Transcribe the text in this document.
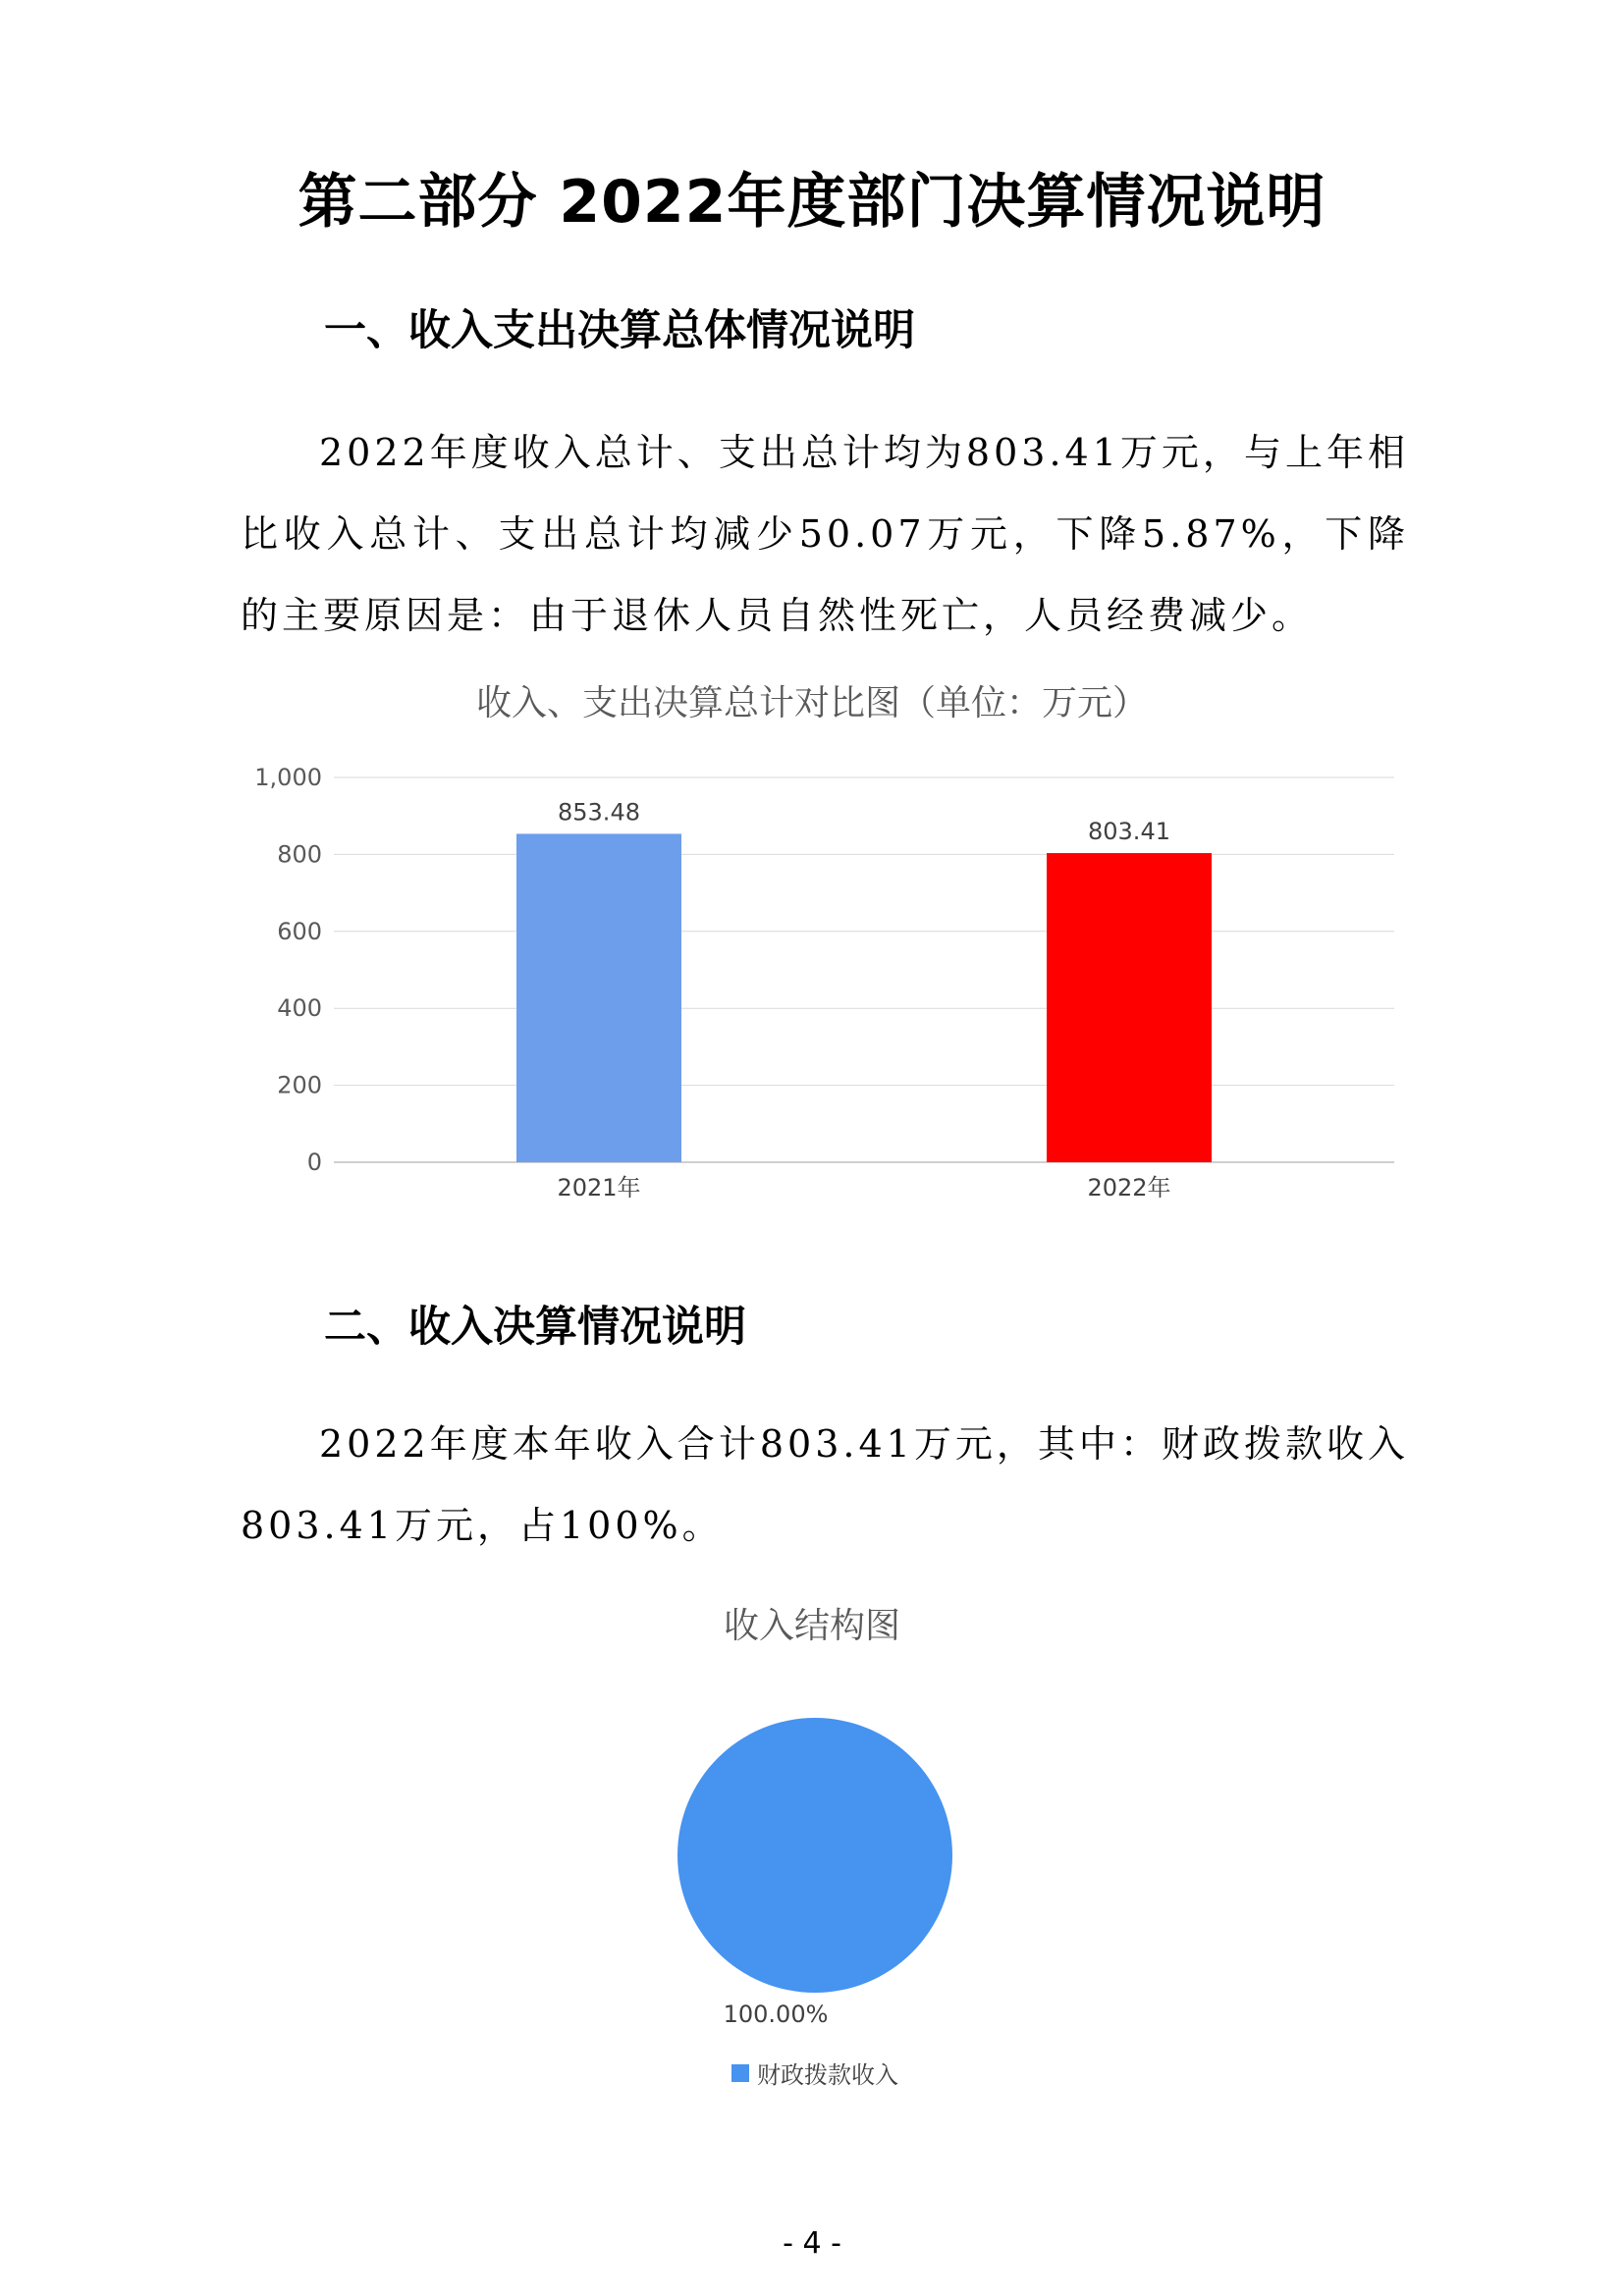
第二部分 2022年度部门决算情况说明
一、收入支出决算总体情况说明
2022年度收入总计、支出总计均为803.41万元，与上年相比收入总计、支出总计均减少50.07万元，下降5.87%，下降的主要原因是：由于退休人员自然性死亡，人员经费减少。
收入、支出决算总计对比图（单位：万元）
0
200
400
600
800
1,000
853.48
2021年
803.41
2022年
二、收入决算情况说明
2022年度本年收入合计803.41万元，其中：财政拨款收入803.41万元，占100%。
收入结构图
100.00%
财政拨款收入
- 4 -
